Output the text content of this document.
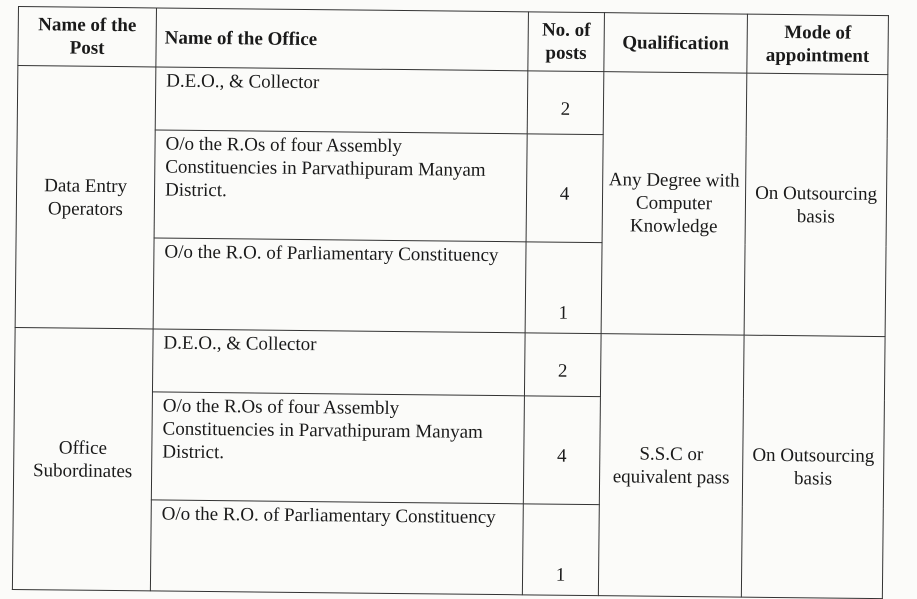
Name of the Post	Name of the Office	No. of posts	Qualification	Mode of appointment
Data Entry Operators	D.E.O., & Collector	2	Any Degree with Computer Knowledge	On Outsourcing basis
	O/o the R.Os of four Assembly Constituencies in Parvathipuram Manyam District.	4		
	O/o the R.O. of Parliamentary Constituency	1		
Office Subordinates	D.E.O., & Collector	2	S.S.C or equivalent pass	On Outsourcing basis
	O/o the R.Os of four Assembly Constituencies in Parvathipuram Manyam District.	4		
	O/o the R.O. of Parliamentary Constituency	1		
